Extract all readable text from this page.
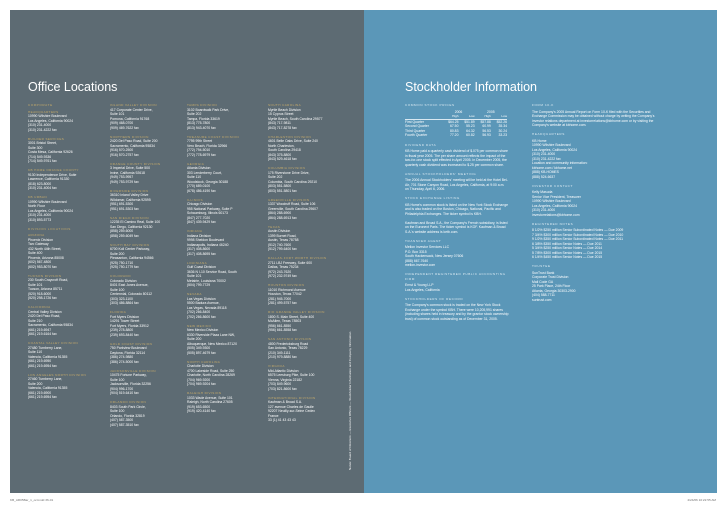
Office Locations
CORPORATE
HEADQUARTERS
10990 Wilshire Boulevard
Los Angeles, California 90024
(310) 231-4000
(310) 231-4222 fax
BUILDER SERVICES
3001 Bristol Street,
Suite 300
Costa Mesa, California 92626
(714) 549-9336
(714) 549-9761 fax
KB HOME ORANGE COUNTY
9130 Independence Drive, Suite
Lawrence, California 91330
(818) 623-8000
(310) 231-4004 fax
KB URBAN
10990 Wilshire Boulevard
North Floor
Los Angeles, California 90024
(310) 231-4000
(310) 893-5773
DIVISION LOCATIONS
ARIZONA
Phoenix Division
Two Gateway
432 North 44th Street,
Suite 400
Phoenix, Arizona 85008
(602) 567-4800
(602) 953-8070 fax
TUCSON DIVISION
230 South Craycroft Road,
Suite 101
Tucson, Arizona 85711
(520) 918-6000
(520) 298-1726 fax
CALIFORNIA
Central Valley Division
2420 Del Paso Road,
Suite 210
Sacramento, California 95834
(661) 219-6947
(661) 219-6164 fax
COASTAL VALLEY DIVISION
27480 Turnberry Lane,
Suite 110
Valencia, California 91355
(661) 219-6950
(661) 219-6954 fax
LOS ANGELES NORTH DIVISION
27460 Turnberry Lane,
Suite 200
Valencia, California 91355
(661) 219-6900
(661) 219-6954 fax
INLAND VALLEY DIVISION
417 Corporate Center Drive,
Suite 101
Pomona, California 91768
(909) 468-0700
(909) 469-7622 fax
NORTHERN DIVISION
2420 Del Paso Road, Suite 200
Sacramento, California 95834
(916) 570-2500
(916) 570-2757 fax
ORANGE COUNTY DIVISION
3 Imperial Drive, Suite 500
Irvine, California 92618
(949) 753-9957
(949) 753-9729 fax
RIVERSIDE DIVISION
36310 Inland Valley Drive
Wildomar, California 92595
(951) 691-5300
(951) 691-5303 fax
SAN DIEGO DIVISION
12235 El Camino Real, Suite 100
San Diego, California 92130
(858) 259-6000
(858) 259-6049 fax
SOUTH BAY DIVISION
6700 Koll Center Parkway,
Suite 200
Pleasanton, California 94566
(925) 750-1710
(925) 750-1779 fax
COLORADO
Colorado Division
8401 East Jones Avenue,
Suite 100
Centennial, Colorado 80112
(303) 323-1100
(303) 486-8864 fax
FLORIDA
Fort Myers Division
14291 Tower Street
Fort Myers, Florida 33912
(239) 278-8800
(239) 693-8440 fax
GOLD COAST DIVISION
750 Parkview Boulevard
Daytona, Florida 32114
(386) 274-9880
(386) 274-5000 fax
JACKSONVILLE DIVISION
10475 Fortune Parkway,
Suite 100
Jacksonville, Florida 32256
(904) 996-1700
(904) 519-6410 fax
ORLANDO DIVISION
8403 South Park Circle,
Suite 100
Orlando, Florida 32819
(407) 587-3500
(407) 587-3510 fax
TAMPA DIVISION
3102 Boardwalk Park Drive,
Suite 202
Tampa, Florida 33619
(813) 775-7800
(813) 943-4070 fax
TREASURE COAST DIVISION
7795 99th Street
Vero Beach, Florida 32966
(772) 794-5010
(772) 778-6979 fax
GEORGIA
Atlanta Division
303 Lenderberry Court,
Suite 110
Woodstock, Georgia 30188
(770) 689-0100
(678) 486-4190 fax
ILLINOIS
Chicago Division
955 National Parkway, Suite P
Schaumburg, Illinois 60173
(847) 277-7020
(847) 439-9429 fax
INDIANA
Indiana Division
9998 Sheldon Boulevard
Indianapolis, Indiana 46240
(317) 408-8600
(317) 408-8695 fax
LOUISIANA
Gulf Coast Division
3636 N I-10 Service Road, South
Suite 101
Metairie, Louisiana 70002
(504) 799-7729
NEVADA
Las Vegas Division
5500 Badura Avenue,
Las Vegas, Nevada 89118
(702) 266-8400
(702) 266-8600 fax
NEW MEXICO
New Mexico Division
6330 Riverside Plaza Lane NW,
Suite 200
Albuquerque, New Mexico 87120
(505) 349-9300
(505) 897-4679 fax
NORTH CAROLINA
Charlotte Division
4700 Lakeside Road, Suite 250
Charlotte, North Carolina 28269
(704) 969-9200
(704) 969-9204 fax
RALEIGH DIVISION
1033 Wade Avenue, Suite 101
Raleigh, North Carolina 27605
(919) 653-6500
(919) 420-4140 fax
SOUTH CAROLINA
Myrtle Beach Division
15 Cyprus Street
Myrtle Beach, South Carolina 29577
(843) 717-9811
(843) 717-8278 fax
CHARLESTON DIVISION
4601 Belle Oaks Drive, Suite 240
North Charleston,
South Carolina 29418
(843) 375-8800
(843) 529-4618 fax
COLUMBIA DIVISION
175 Riverstone Drive Drive,
Suite 202
Columbia, South Carolina 29210
(803) 551-5800
(803) 551-5801 fax
GREENVILLE DIVISION
1337 Woodruff Road, Suite 106
Greenville, South Carolina 29607
(864) 288-6900
(864) 288-6913 fax
TEXAS
Austin Division
1399 Burnet Road,
Austin, Texas 78758
(512) 740-7600
(512) 799-6400 fax
DALLAS-FORT WORTH DIVISION
2711 LBJ Freeway, Suite 600
Dallas, Texas 75234
(972) 243-7620
(972) 232-9749 fax
HOUSTON DIVISION
11010 Richmond Avenue
Houston, Texas 77042
(281) 945-7000
(281) 499-5757 fax
RIO GRANDE VALLEY DIVISION
1800 S. Main Street, Suite 400
McAllen, Texas 78503
(956) 661-8550
(956) 661-8558 fax
SAN ANTONIO DIVISION
4800 Fredericksburg Road
San Antonio, Texas 78229
(210) 349-1111
(210) 979-8880 fax
VIRGINIA
Mid-Atlantic Division
6575 Leesburg Pike, Suite 100
Vienna, Virginia 22182
(703) 849-9600
(703) 821-8600 fax
INTERNATIONAL DIVISION
Kaufman & Broad S.A.
127 avenue Charles de Gaulle
92207 Neuilly-sur-Seine Cedex
France
33 (1) 41 43 43 43	Notes: Board of Directors — Executive Officers — Stockholder Information and Company Information
Stockholder Information
COMMON STOCK PRICES
	2006		2005	
	High	Low	High	Low
First Quarter	$64.25	$51.89	$57.88	$52.26
Second Quarter	67.50	55.23	60.99	35.34
Third Quarter	80.83	64.32	56.53	30.24
Fourth Quarter	77.20	60.82	56.93	33.23
DIVIDEND DATA
KB Home paid a quarterly cash dividend of $.075 per common share in fiscal year 2005. The per share amount reflects the impact of the two-for-one stock split effected in April 2005. In December 2005, the quarterly cash dividend was increased to $.25 per common share.
ANNUAL STOCKHOLDERS' MEETING
The 2006 Annual Stockholders' meeting will be held at the Hotel Bel-Air, 701 Stone Canyon Road, Los Angeles, California, at 9:00 a.m. on Thursday, April 6, 2006.
STOCK EXCHANGE LISTING
KB Home's common stock is listed on the New York Stock Exchange and is also traded on the Boston, Chicago, National, Pacific and Philadelphia Exchanges. The ticker symbol is KBH.
Kaufman and Broad S.A., the Company's French subsidiary, is listed on the Euronext Paris. The ticker symbol is KOF. Kaufman & Broad S.A.'s website address is ketb.com.
TRANSFER AGENT
Mellon Investor Services LLC
P.O. Box 3315
South Hackensack, New Jersey 07606
(888) 667-7640
mellon-investor.com
INDEPENDENT REGISTERED PUBLIC ACCOUNTING FIRM
Ernst & Young LLP
Los Angeles, California
STOCKHOLDERS OF RECORD
The Company's common stock is traded on the New York Stock Exchange under the symbol KBH. There were 10,205,991 shares (including shares held in treasury and by the grantor stock ownership trust) of common stock outstanding as of December 31, 2005.
FORM 10-K
The Company's 2005 Annual Report on Form 10-K filed with the Securities and Exchange Commission may be obtained without charge by writing the Company's investor relations department at investorrelations@kbhome.com or by visiting the Company's website at kbhome.com.
HEADQUARTERS
KB Home
10990 Wilshire Boulevard
Los Angeles, California 90024
(310) 231-4000
(310) 231-4222 fax
Location and community information:
kbhome.com / kbhome.net
(888) KB-HOMES
(888) 524-6637
INVESTOR CONTACT
Kelly Masuda
Senior Vice President, Treasurer
10990 Wilshire Boulevard
Los Angeles, California 90024
(310) 231-4000
investorrelations@kbhome.com
REGISTERED NOTES
8 1/2% $250 million Senior Subordinated Notes — Due 2009
7 3/4% $300 million Senior Subordinated Notes — Due 2010
9 1/2% $350 million Senior Subordinated Notes — Due 2011
6 3/8% $350 million Senior Notes — Due 2011
5 3/4% $250 million Senior Notes — Due 2014
5 7/8% $300 million Senior Notes — Due 2015
6 1/4% $450 million Senior Notes — Due 2015
TRUSTEE
SunTrust Bank
Corporate Trust Division
Mail Code GA
25 Park Place, 24th Floor
Atlanta, Georgia 30303-2900
(404) 588-7711
suntrust.com
KB_AR05Bar_1_oct.indd 36-01	2/24/06 10:22:55 AM
